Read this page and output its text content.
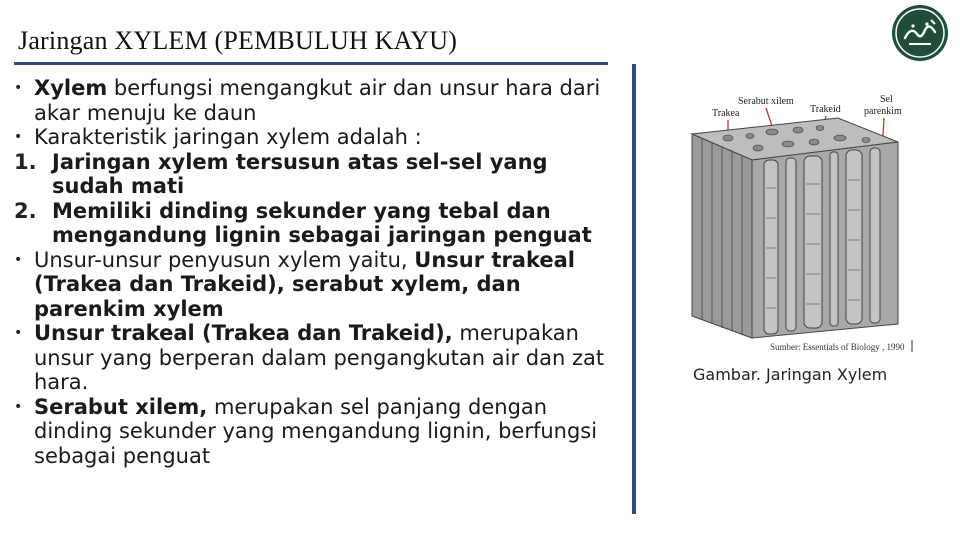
Jaringan XYLEM (PEMBULUH KAYU)
• Xylem berfungsi mengangkut air dan unsur hara dari akar menuju ke daun
• Karakteristik jaringan xylem adalah :
1. Jaringan xylem tersusun atas sel-sel yang sudah mati
2. Memiliki dinding sekunder yang tebal dan mengandung lignin sebagai jaringan penguat
• Unsur-unsur penyusun xylem yaitu, Unsur trakeal (Trakea dan Trakeid), serabut xylem, dan parenkim xylem
• Unsur trakeal (Trakea dan Trakeid), merupakan unsur yang berperan dalam pengangkutan air dan zat hara.
• Serabut xilem, merupakan sel panjang dengan dinding sekunder yang mengandung lignin, berfungsi sebagai penguat
Serabut xilem
Trakea	Trakeid
Sel
parenkim
Sumber: Essentials of Biology , 1990
Gambar. Jaringan Xylem
